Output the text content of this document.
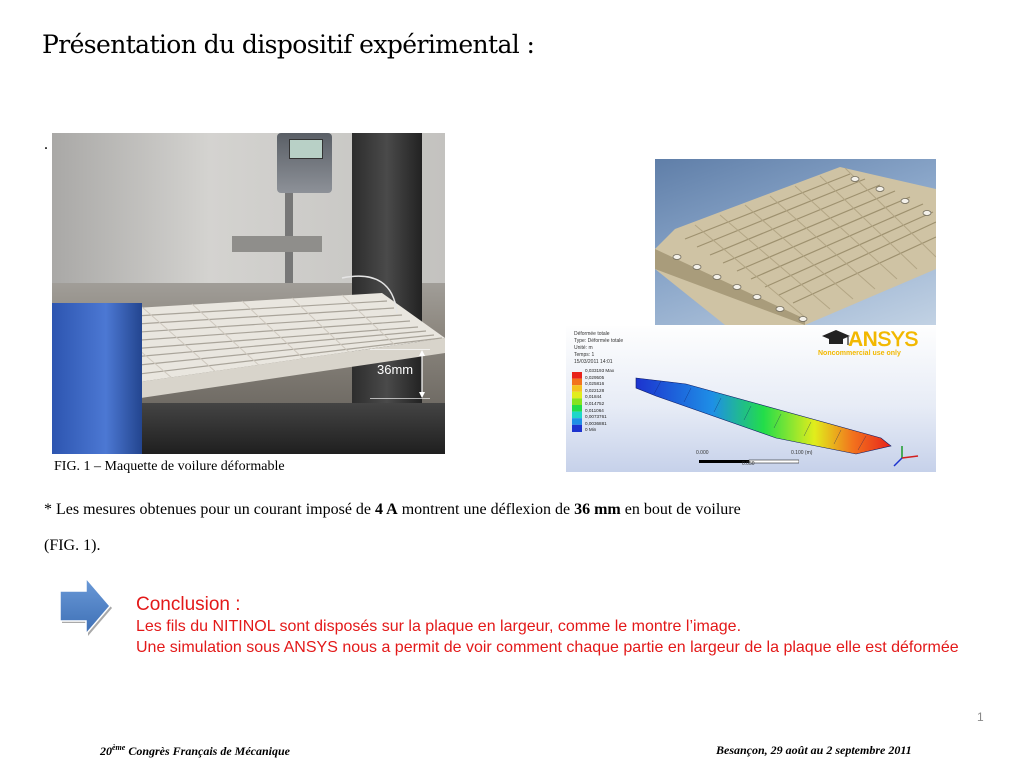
Présentation du dispositif expérimental :
.
36mm
FIG. 1 – Maquette de voilure déformable
Déformée totale
Type: Déformée totale
Unité: m
Temps: 1
15/03/2011 14:01
ANSYS
Noncommercial use only
0,033193 Max
0,029505
0,025816
0,022128
0,01844
0,014752
0,011064
0,0073761
0,0036881
0 Min
0.000
0.050
0.100 (m)
* Les mesures obtenues pour un courant imposé de 4 A montrent une déflexion de 36 mm en bout de voilure
(FIG. 1).
Conclusion :
Les fils du NITINOL sont disposés sur la plaque en largeur, comme le montre l’image.
Une simulation sous ANSYS nous a permit de voir comment chaque partie en largeur de la plaque elle est déformée
1
20ème Congrès Français de Mécanique	Besançon, 29 août au 2 septembre 2011
